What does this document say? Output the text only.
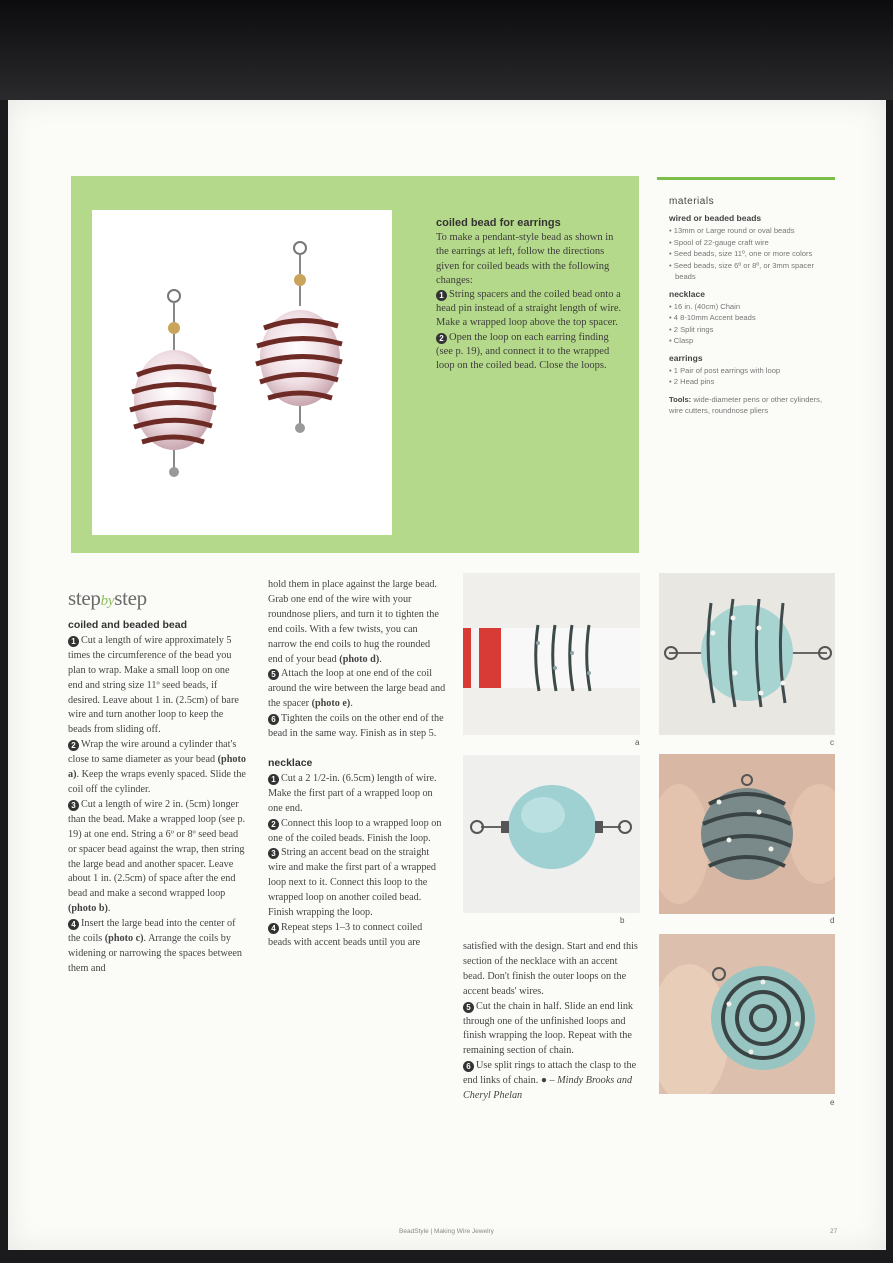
coiled bead for earrings

To make a pendant-style bead as shown in the earrings at left, follow the directions given for coiled beads with the following changes:

1 String spacers and the coiled bead onto a head pin instead of a straight length of wire. Make a wrapped loop above the top spacer.

2 Open the loop on each earring finding (see p. 19), and connect it to the wrapped loop on the coiled bead. Close the loops.

materials
wired or beaded beads
• 13mm or Large round or oval beads
• Spool of 22-gauge craft wire
• Seed beads, size 11º, one or more colors
• Seed beads, size 6º or 8º, or 3mm spacer beads
necklace
• 16 in. (40cm) Chain
• 4 8-10mm Accent beads
• 2 Split rings
• Clasp
earrings
• 1 Pair of post earrings with loop
• 2 Head pins
Tools: wide-diameter pens or other cylinders, wire cutters, roundnose pliers
stepbystep
coiled and beaded bead

1 Cut a length of wire approximately 5 times the circumference of the bead you plan to wrap. Make a small loop on one end and string size 11º seed beads, if desired. Leave about 1 in. (2.5cm) of bare wire and turn another loop to keep the beads from sliding off.

2 Wrap the wire around a cylinder that's close to same diameter as your bead (photo a). Keep the wraps evenly spaced. Slide the coil off the cylinder.

3 Cut a length of wire 2 in. (5cm) longer than the bead. Make a wrapped loop (see p. 19) at one end. String a 6º or 8º seed bead or spacer bead against the wrap, then string the large bead and another spacer. Leave about 1 in. (2.5cm) of space after the end bead and make a second wrapped loop (photo b).

4 Insert the large bead into the center of the coils (photo c). Arrange the coils by widening or narrowing the spaces between them and

hold them in place against the large bead. Grab one end of the wire with your roundnose pliers, and turn it to tighten the end coils. With a few twists, you can narrow the end coils to hug the rounded end of your bead (photo d).

5 Attach the loop at one end of the coil around the wire between the large bead and the spacer (photo e).

6 Tighten the coils on the other end of the bead in the same way. Finish as in step 5.

necklace

1 Cut a 2 1/2-in. (6.5cm) length of wire. Make the first part of a wrapped loop on one end.

2 Connect this loop to a wrapped loop on one of the coiled beads. Finish the loop.

3 String an accent bead on the straight wire and make the first part of a wrapped loop next to it. Connect this loop to the wrapped loop on another coiled bead. Finish wrapping the loop.

4 Repeat steps 1–3 to connect coiled beads with accent beads until you are	satisfied with the design. Start and end this section of the necklace with an accent bead. Don't finish the outer loops on the accent beads' wires.

5 Cut the chain in half. Slide an end link through one of the unfinished loops and finish wrapping the loop. Repeat with the remaining section of chain.

6 Use split rings to attach the clasp to the end links of chain. ● – Mindy Brooks and Cheryl Phelan

a
b
c
d
e
BeadStyle | Making Wire Jewelry	27
